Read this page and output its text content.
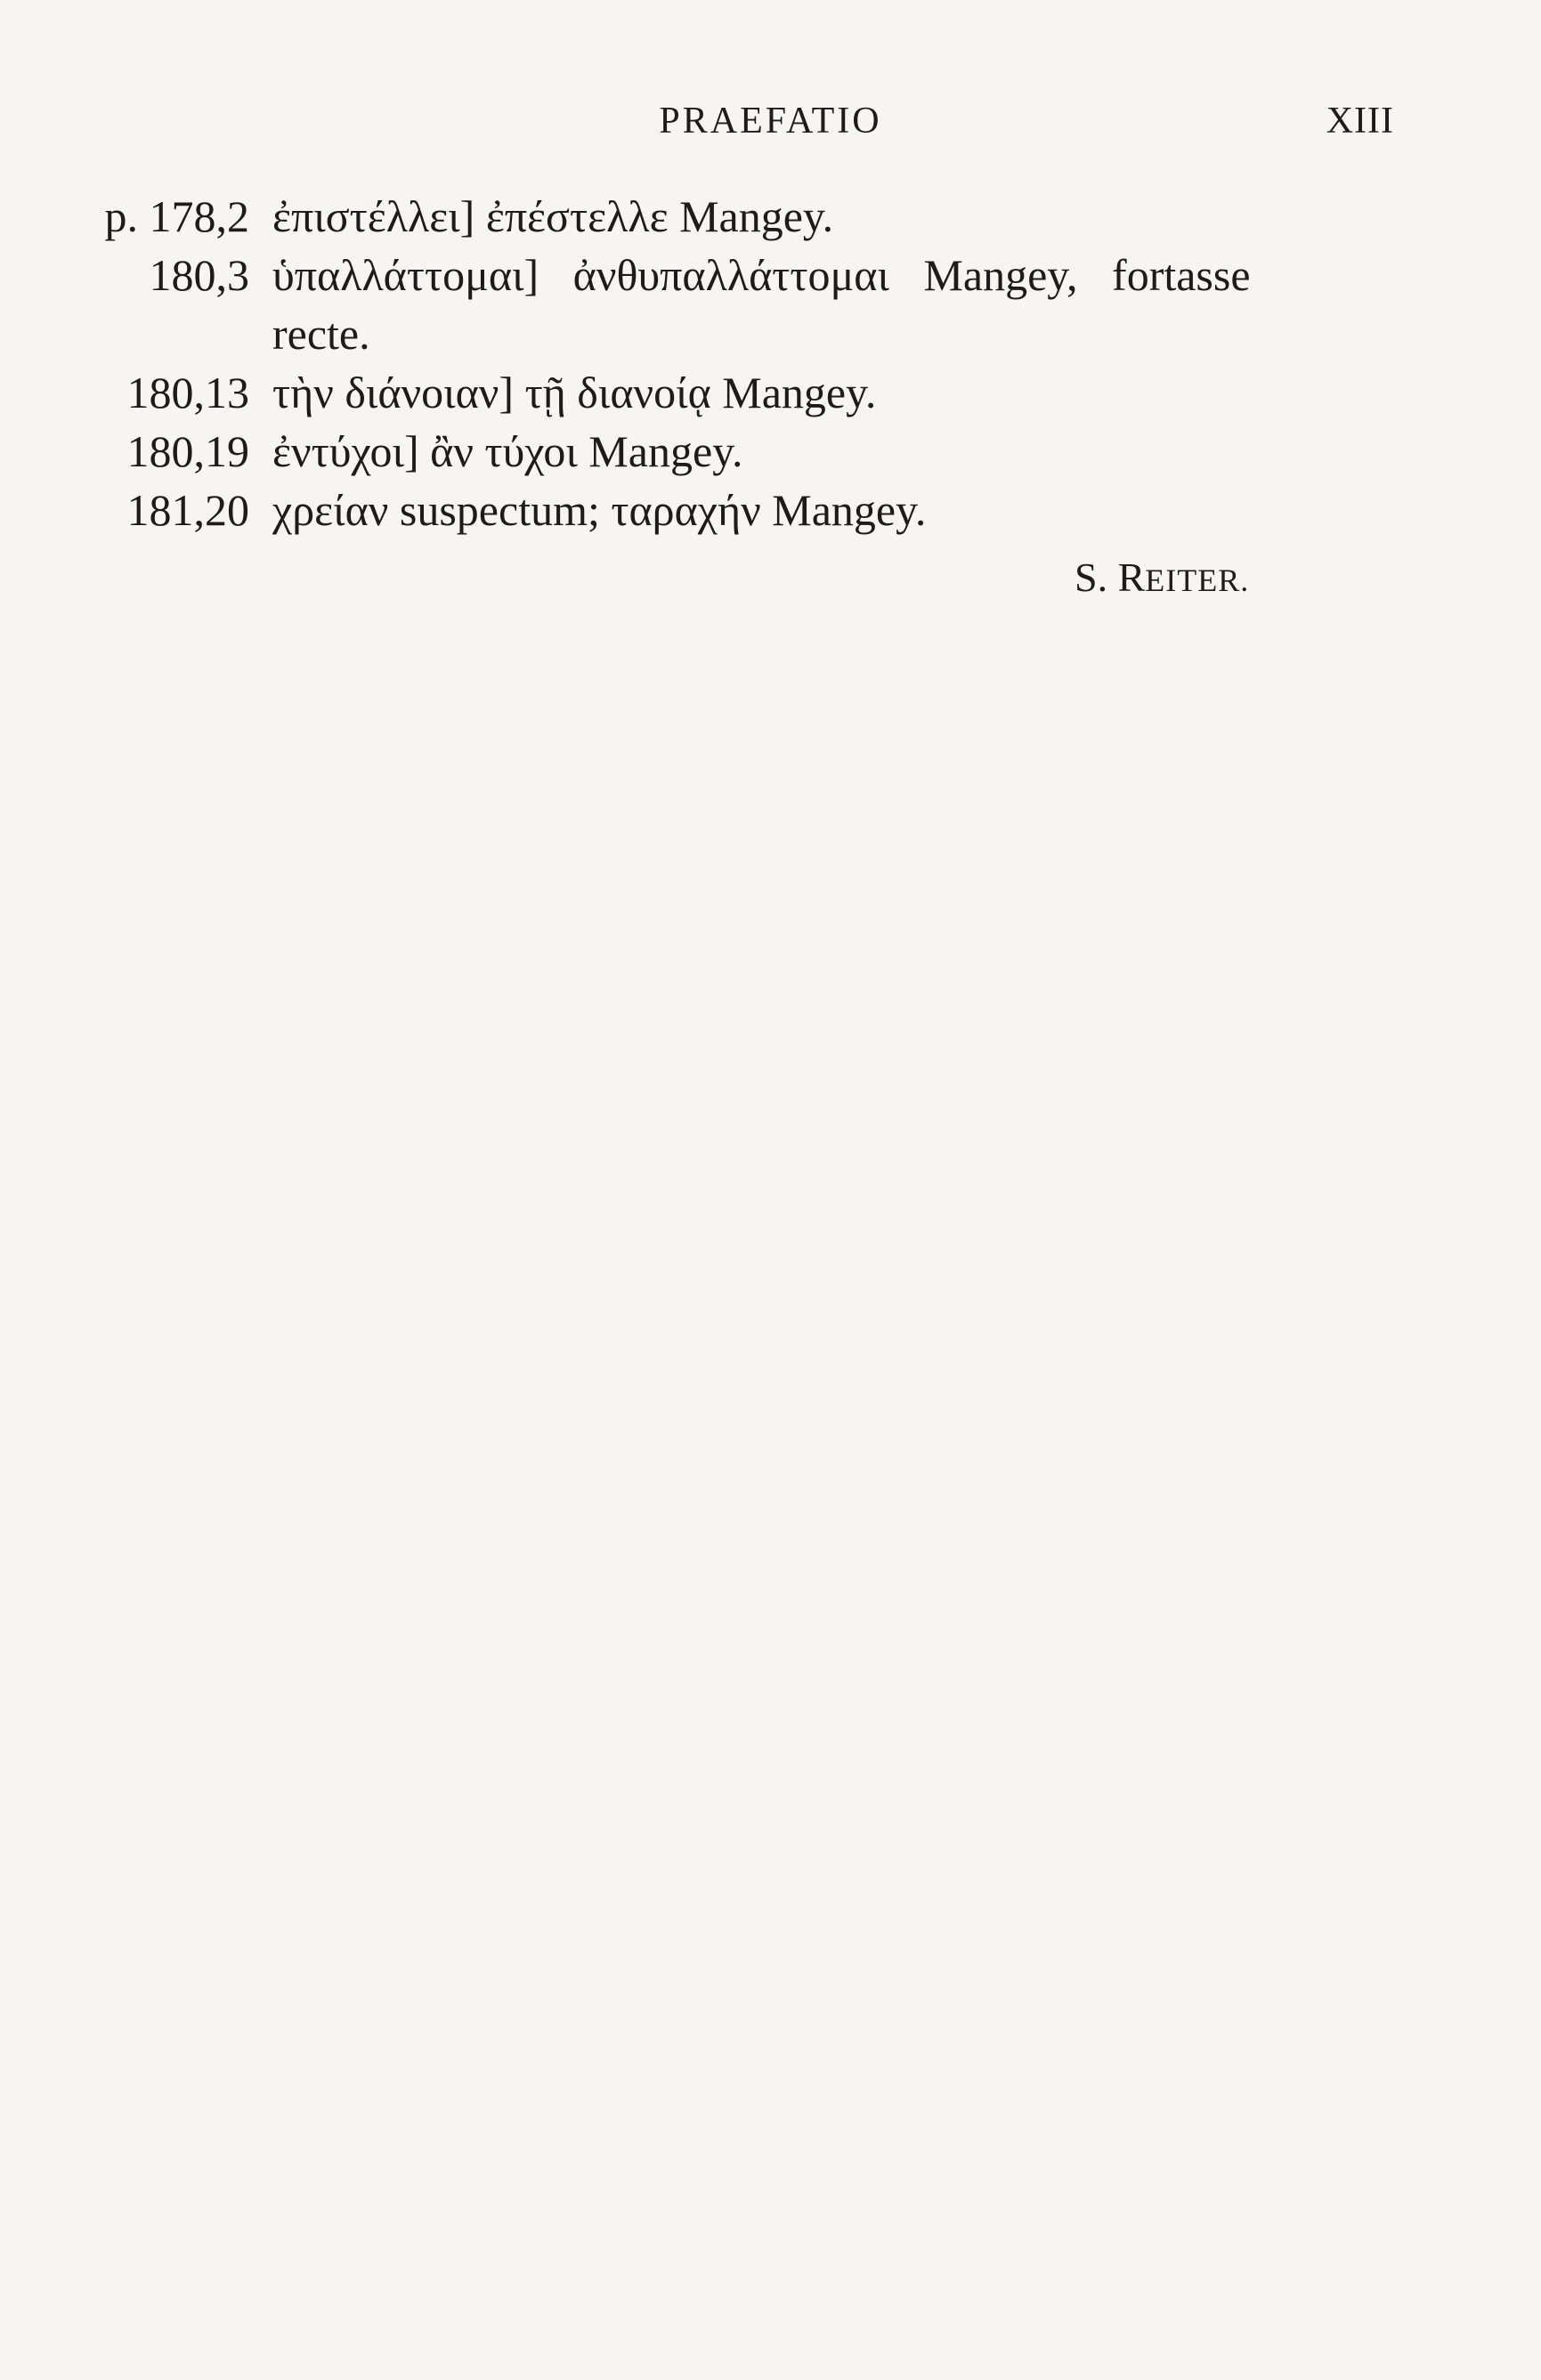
PRAEFATIO	XIII
p. 178,2 ἐπιστέλλει] ἐπέστελλε Mangey.
180,3 ὑπαλλάττομαι] ἀνθυπαλλάττομαι Mangey, fortasse
recte.
180,13 τὴν διάνοιαν] τῇ διανοίᾳ Mangey.
180,19 ἐντύχοι] ἂν τύχοι Mangey.
181,20 χρείαν suspectum; ταραχήν Mangey.
S. REITER.
